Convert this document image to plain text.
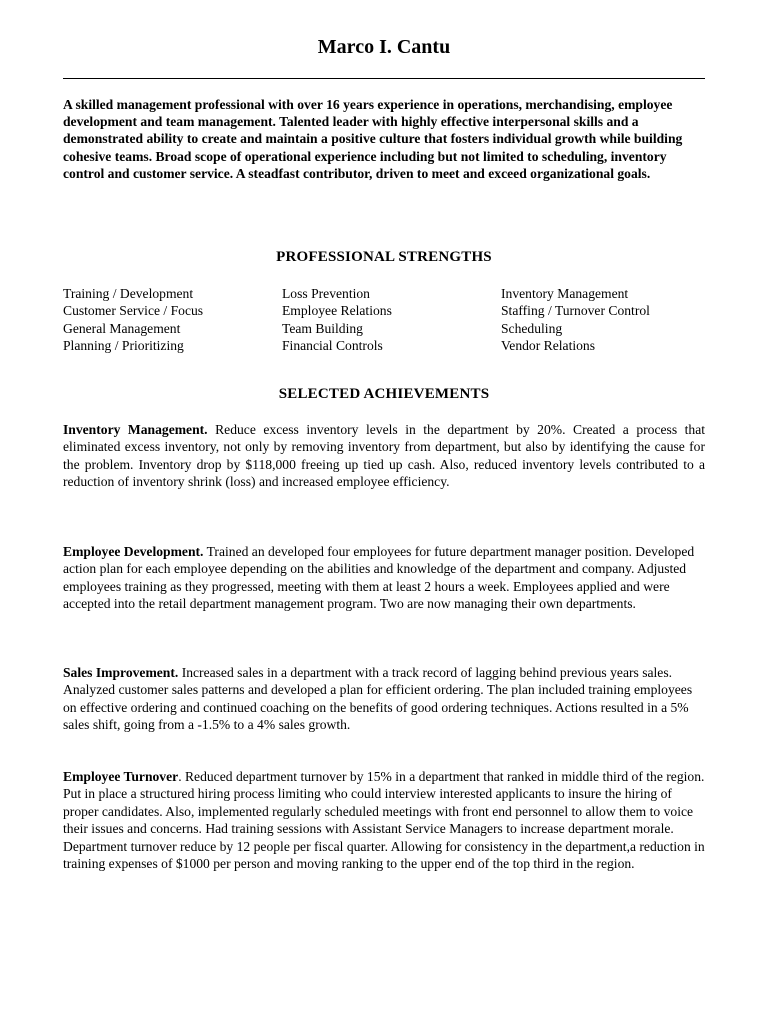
Marco I. Cantu

A skilled management professional with over 16 years experience in operations, merchandising, employee development and team management. Talented leader with highly effective interpersonal skills and a demonstrated ability to create and maintain a positive culture that fosters individual growth while building cohesive teams. Broad scope of operational experience including but not limited to scheduling, inventory control and customer service. A steadfast contributor, driven to meet and exceed organizational goals.

PROFESSIONAL STRENGTHS
Training / Development
Customer Service / Focus
General Management
Planning / Prioritizing
Loss Prevention
Employee Relations
Team Building
Financial Controls
Inventory Management
Staffing / Turnover Control
Scheduling
Vendor Relations
SELECTED ACHIEVEMENTS

Inventory Management. Reduce excess inventory levels in the department by 20%. Created a process that eliminated excess inventory, not only by removing inventory from department, but also by identifying the cause for the problem. Inventory drop by $118,000 freeing up tied up cash. Also, reduced inventory levels contributed to a reduction of inventory shrink (loss) and increased employee efficiency.

Employee Development. Trained an developed four employees for future department manager position. Developed action plan for each employee depending on the abilities and knowledge of the department and company. Adjusted employees training as they progressed, meeting with them at least 2 hours a week. Employees applied and were accepted into the retail department management program. Two are now managing their own departments.

Sales Improvement. Increased sales in a department with a track record of lagging behind previous years sales. Analyzed customer sales patterns and developed a plan for efficient ordering. The plan included training employees on effective ordering and continued coaching on the benefits of good ordering techniques. Actions resulted in a 5% sales shift, going from a -1.5% to a 4% sales growth.

Employee Turnover. Reduced department turnover by 15% in a department that ranked in middle third of the region. Put in place a structured hiring process limiting who could interview interested applicants to insure the hiring of proper candidates. Also, implemented regularly scheduled meetings with front end personnel to allow them to voice their issues and concerns. Had training sessions with Assistant Service Managers to increase department morale. Department turnover reduce by 12 people per fiscal quarter. Allowing for consistency in the department,a reduction in training expenses of $1000 per person and moving ranking to the upper end of the top third in the region.
